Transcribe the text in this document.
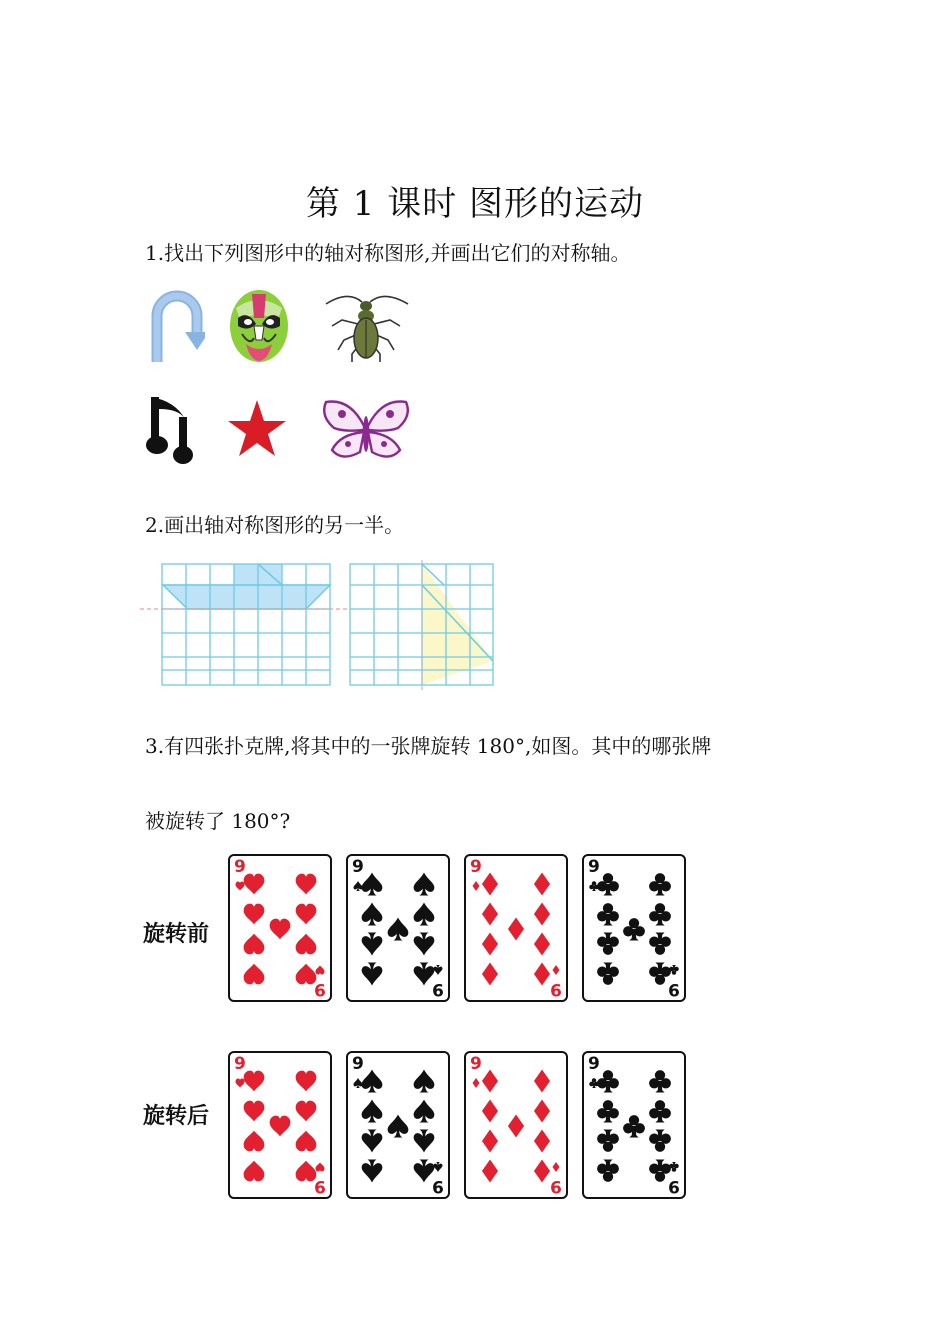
第 1 课时 图形的运动
1.找出下列图形中的轴对称图形,并画出它们的对称轴。
2.画出轴对称图形的另一半。
3.有四张扑克牌,将其中的一张牌旋转 180°,如图。其中的哪张牌
被旋转了 180°?
旋转前
旋转后
9
9
9
9
9
9
9
9
9
9
9
9
9
9
9
9
